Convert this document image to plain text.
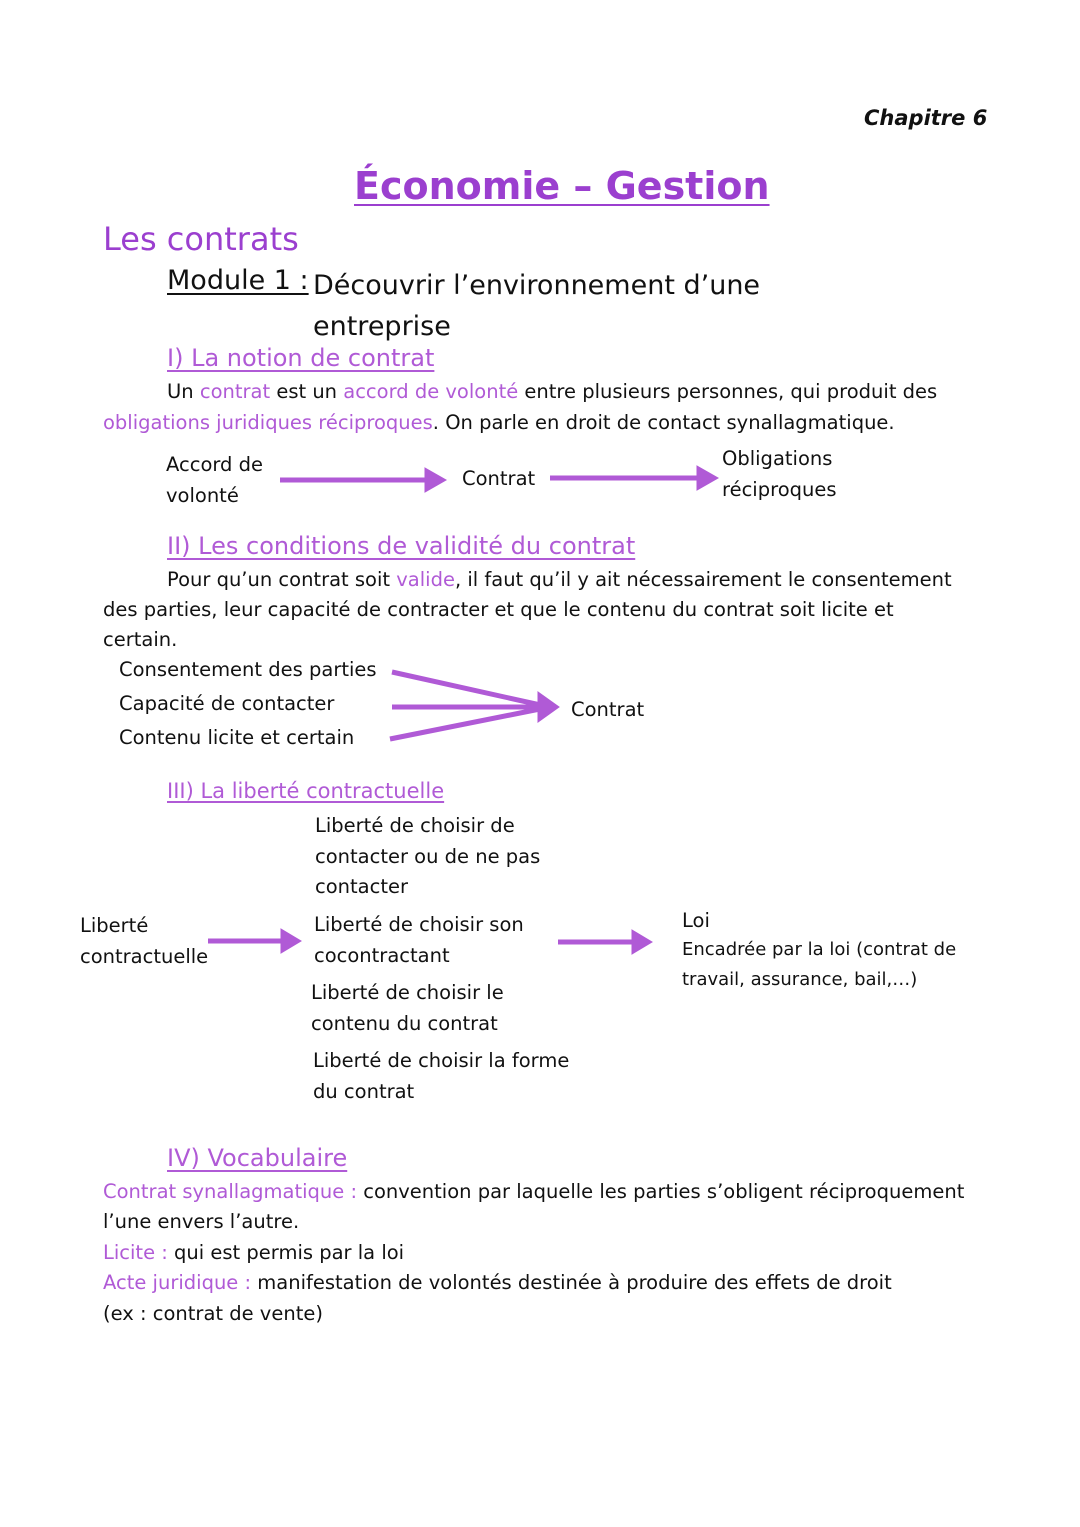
Chapitre 6
Économie – Gestion
Les contrats
Module 1 : Découvrir l’environnement d’une entreprise
I) La notion de contrat
Un contrat est un accord de volonté entre plusieurs personnes, qui produit des
obligations juridiques réciproques. On parle en droit de contact synallagmatique.
Accord de
volonté
Contrat
Obligations
réciproques
II) Les conditions de validité du contrat
Pour qu’un contrat soit valide, il faut qu’il y ait nécessairement le consentement
des parties, leur capacité de contracter et que le contenu du contrat soit licite et
certain.
Consentement des parties
Capacité de contacter
Contenu licite et certain
Contrat
III) La liberté contractuelle
Liberté
contractuelle
Liberté de choisir de
contacter ou de ne pas
contacter
Liberté de choisir son
cocontractant
Liberté de choisir le
contenu du contrat
Liberté de choisir la forme
du contrat
Loi
Encadrée par la loi (contrat de
travail, assurance, bail,…)
IV) Vocabulaire
Contrat synallagmatique : convention par laquelle les parties s’obligent réciproquement
l’une envers l’autre.
Licite : qui est permis par la loi
Acte juridique : manifestation de volontés destinée à produire des effets de droit
(ex : contrat de vente)
